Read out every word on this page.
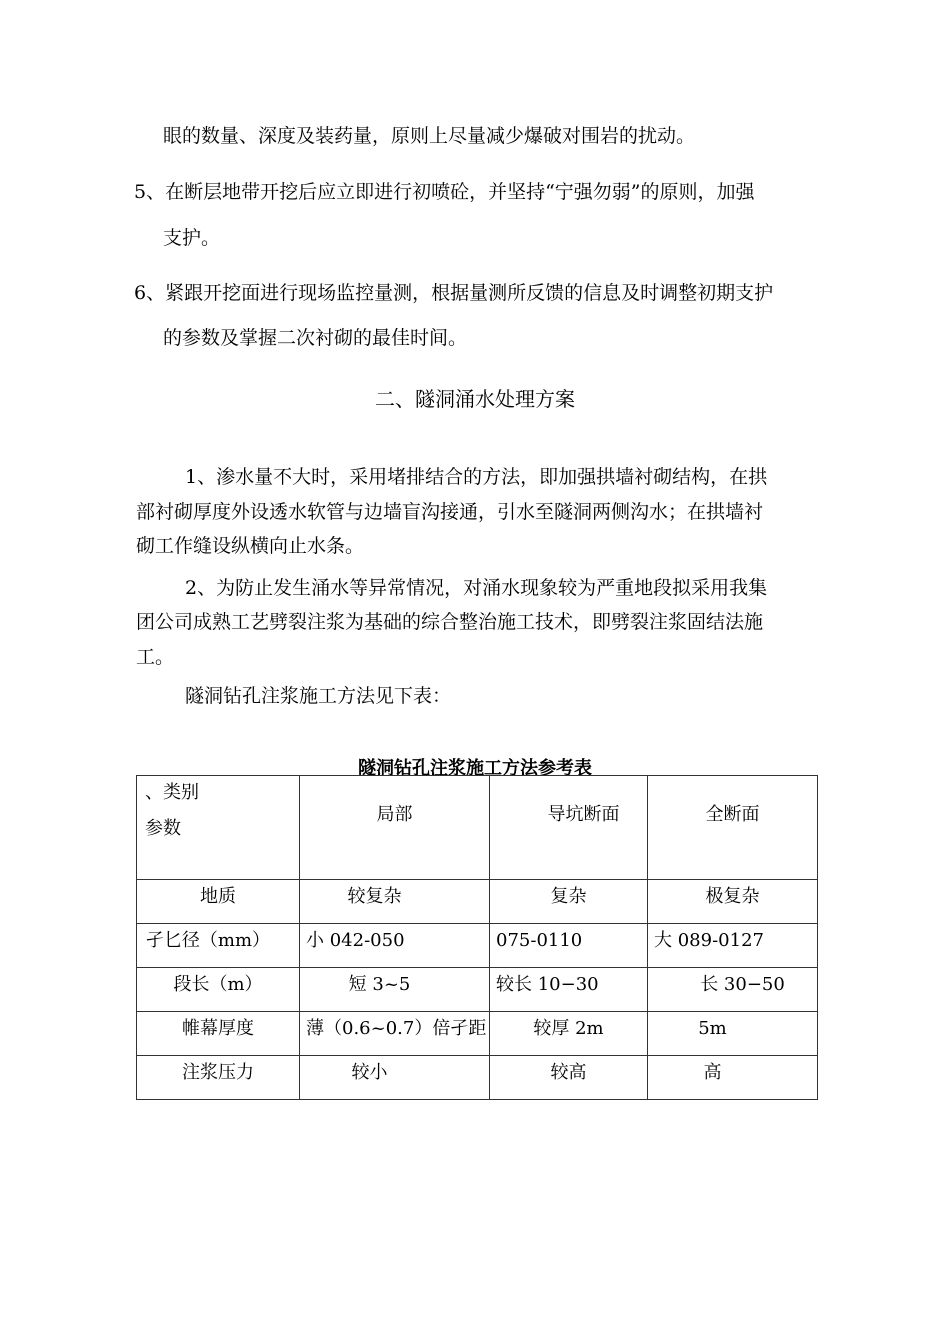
眼的数量、深度及装药量，原则上尽量减少爆破对围岩的扰动。
5、在断层地带开挖后应立即进行初喷砼，并坚持“宁强勿弱”的原则，加强
支护。
6、紧跟开挖面进行现场监控量测，根据量测所反馈的信息及时调整初期支护
的参数及掌握二次衬砌的最佳时间。
二、隧洞涌水处理方案
1、渗水量不大时，采用堵排结合的方法，即加强拱墙衬砌结构，在拱
部衬砌厚度外设透水软管与边墙盲沟接通，引水至隧洞两侧沟水；在拱墙衬
砌工作缝设纵横向止水条。
2、为防止发生涌水等异常情况，对涌水现象较为严重地段拟采用我集
团公司成熟工艺劈裂注浆为基础的综合整治施工技术，即劈裂注浆固结法施
工。
隧洞钻孔注浆施工方法见下表：
隧洞钻孔注浆施工方法参考表
、类别
参数	局部	导坑断面	全断面
地质	较复杂	复杂	极复杂

孑匕径（mm）	小 042-050	075-0110	大 089-0127
段长（m）	短 3~5	较长 10−30	长 30−50
帷幕厚度	薄（0.6~0.7）倍孑距	较厚 2m	5m
注浆压力	较小	较高	高
